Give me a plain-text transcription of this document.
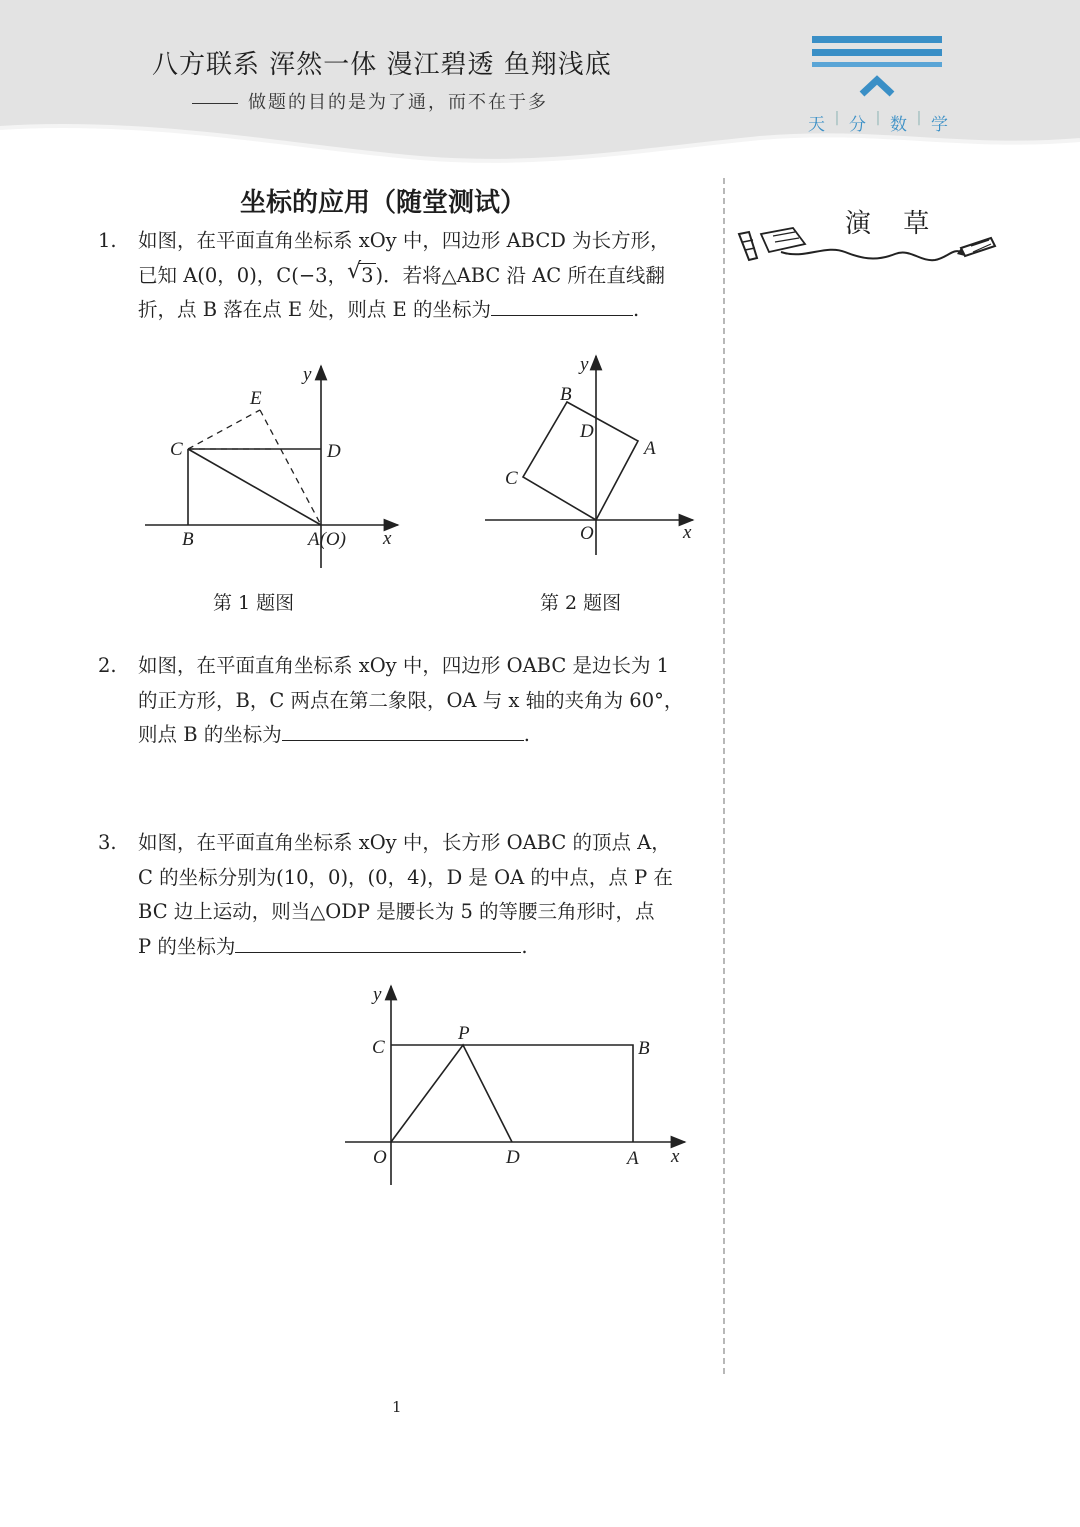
八方联系 浑然一体 漫江碧透 鱼翔浅底
做题的目的是为了通，而不在于多
天 | 分 | 数 | 学
坐标的应用（随堂测试）
1. 如图，在平面直角坐标系 xOy 中，四边形 ABCD 为长方形，
已知 A(0，0)，C(−3， √ 3 )．若将△ABC 沿 AC 所在直线翻
折，点 B 落在点 E 处，则点 E 的坐标为	.
y
E
C	D
B	A(O) x
第 1 题图
y
B
D
A
C
O	x
第 2 题图
2. 如图，在平面直角坐标系 xOy 中，四边形 OABC 是边长为 1
的正方形，B，C 两点在第二象限，OA 与 x 轴的夹角为 60°，
则点 B 的坐标为	.
3. 如图，在平面直角坐标系 xOy 中，长方形 OABC 的顶点 A，
C 的坐标分别为(10，0)，(0，4)，D 是 OA 的中点，点 P 在
BC 边上运动，则当△ODP 是腰长为 5 的等腰三角形时，点
P 的坐标为	.
y
C
P
B
O	D	A x
演 草
1
